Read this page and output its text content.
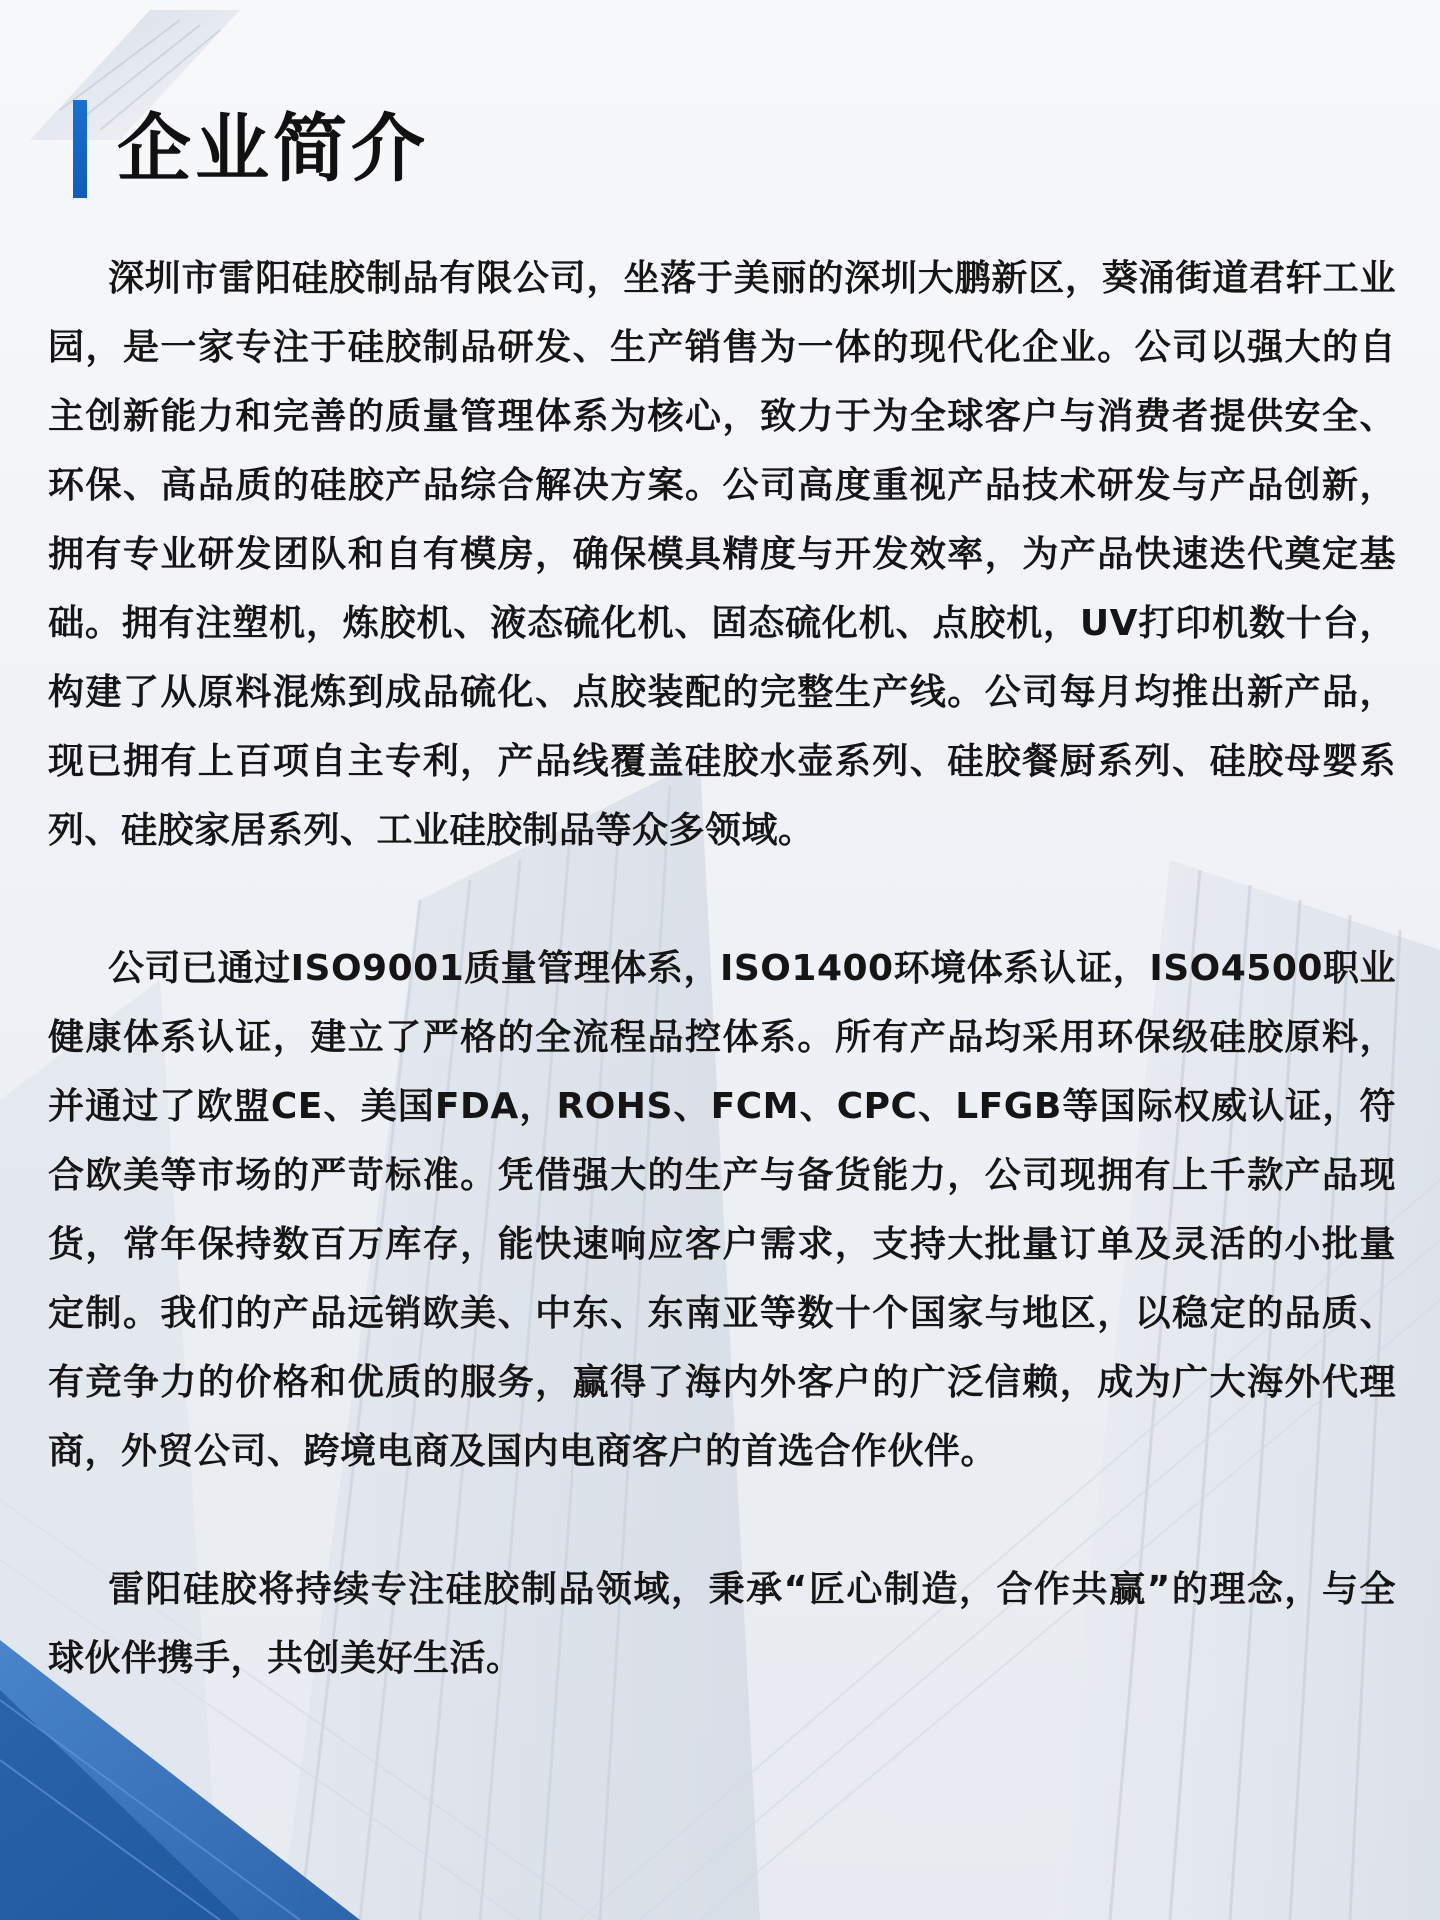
企业简介

深圳市雷阳硅胶制品有限公司，坐落于美丽的深圳大鹏新区，葵涌街道君轩工业园，是一家专注于硅胶制品研发、生产销售为一体的现代化企业。公司以强大的自主创新能力和完善的质量管理体系为核心，致力于为全球客户与消费者提供安全、环保、高品质的硅胶产品综合解决方案。公司高度重视产品技术研发与产品创新，拥有专业研发团队和自有模房，确保模具精度与开发效率，为产品快速迭代奠定基础。拥有注塑机，炼胶机、液态硫化机、固态硫化机、点胶机，UV打印机数十台，构建了从原料混炼到成品硫化、点胶装配的完整生产线。公司每月均推出新产品，现已拥有上百项自主专利，产品线覆盖硅胶水壶系列、硅胶餐厨系列、硅胶母婴系列、硅胶家居系列、工业硅胶制品等众多领域。

公司已通过ISO9001质量管理体系，ISO1400环境体系认证，ISO4500职业健康体系认证，建立了严格的全流程品控体系。所有产品均采用环保级硅胶原料，并通过了欧盟CE、美国FDA，ROHS、FCM、CPC、LFGB等国际权威认证，符合欧美等市场的严苛标准。凭借强大的生产与备货能力，公司现拥有上千款产品现货，常年保持数百万库存，能快速响应客户需求，支持大批量订单及灵活的小批量定制。我们的产品远销欧美、中东、东南亚等数十个国家与地区，以稳定的品质、有竞争力的价格和优质的服务，赢得了海内外客户的广泛信赖，成为广大海外代理商，外贸公司、跨境电商及国内电商客户的首选合作伙伴。

雷阳硅胶将持续专注硅胶制品领域，秉承“匠心制造，合作共赢”的理念，与全球伙伴携手，共创美好生活。
